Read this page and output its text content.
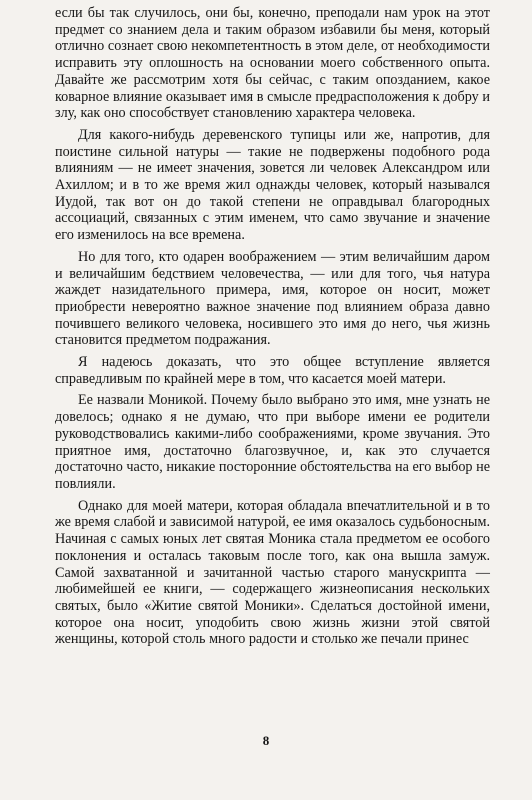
если бы так случилось, они бы, конечно, преподали нам урок на этот предмет со знанием дела и таким образом избавили бы меня, который отлично сознает свою некомпетентность в этом деле, от необходимости исправить эту оплошность на основании моего собственного опыта. Давайте же рассмотрим хотя бы сейчас, с таким опозданием, какое коварное влияние оказывает имя в смысле предрасположения к добру и злу, как оно способствует становлению характера человека.

Для какого-нибудь деревенского тупицы или же, напротив, для поистине сильной натуры — такие не подвержены подобного рода влияниям — не имеет значения, зовется ли человек Александром или Ахиллом; и в то же время жил однажды человек, который назывался Иудой, так вот он до такой степени не оправдывал благородных ассоциаций, связанных с этим именем, что само звучание и значение его изменилось на все времена.

Но для того, кто одарен воображением — этим величайшим даром и величайшим бедствием человечества, — или для того, чья натура жаждет назидательного примера, имя, которое он носит, может приобрести невероятно важное значение под влиянием образа давно почившего великого человека, носившего это имя до него, чья жизнь становится предметом подражания.

Я надеюсь доказать, что это общее вступление является справедливым по крайней мере в том, что касается моей матери.

Ее назвали Моникой. Почему было выбрано это имя, мне узнать не довелось; однако я не думаю, что при выборе имени ее родители руководствовались какими-либо соображениями, кроме звучания. Это приятное имя, достаточно благозвучное, и, как это случается достаточно часто, никакие посторонние обстоятельства на его выбор не повлияли.

Однако для моей матери, которая обладала впечатлительной и в то же время слабой и зависимой натурой, ее имя оказалось судьбоносным. Начиная с самых юных лет святая Моника стала предметом ее особого поклонения и осталась таковым после того, как она вышла замуж. Самой захватанной и зачитанной частью старого манускрипта — любимейшей ее книги, — содержащего жизнеописания нескольких святых, было «Житие святой Моники». Сделаться достойной имени, которое она носит, уподобить свою жизнь жизни этой святой женщины, которой столь много радости и столько же печали принес

8
